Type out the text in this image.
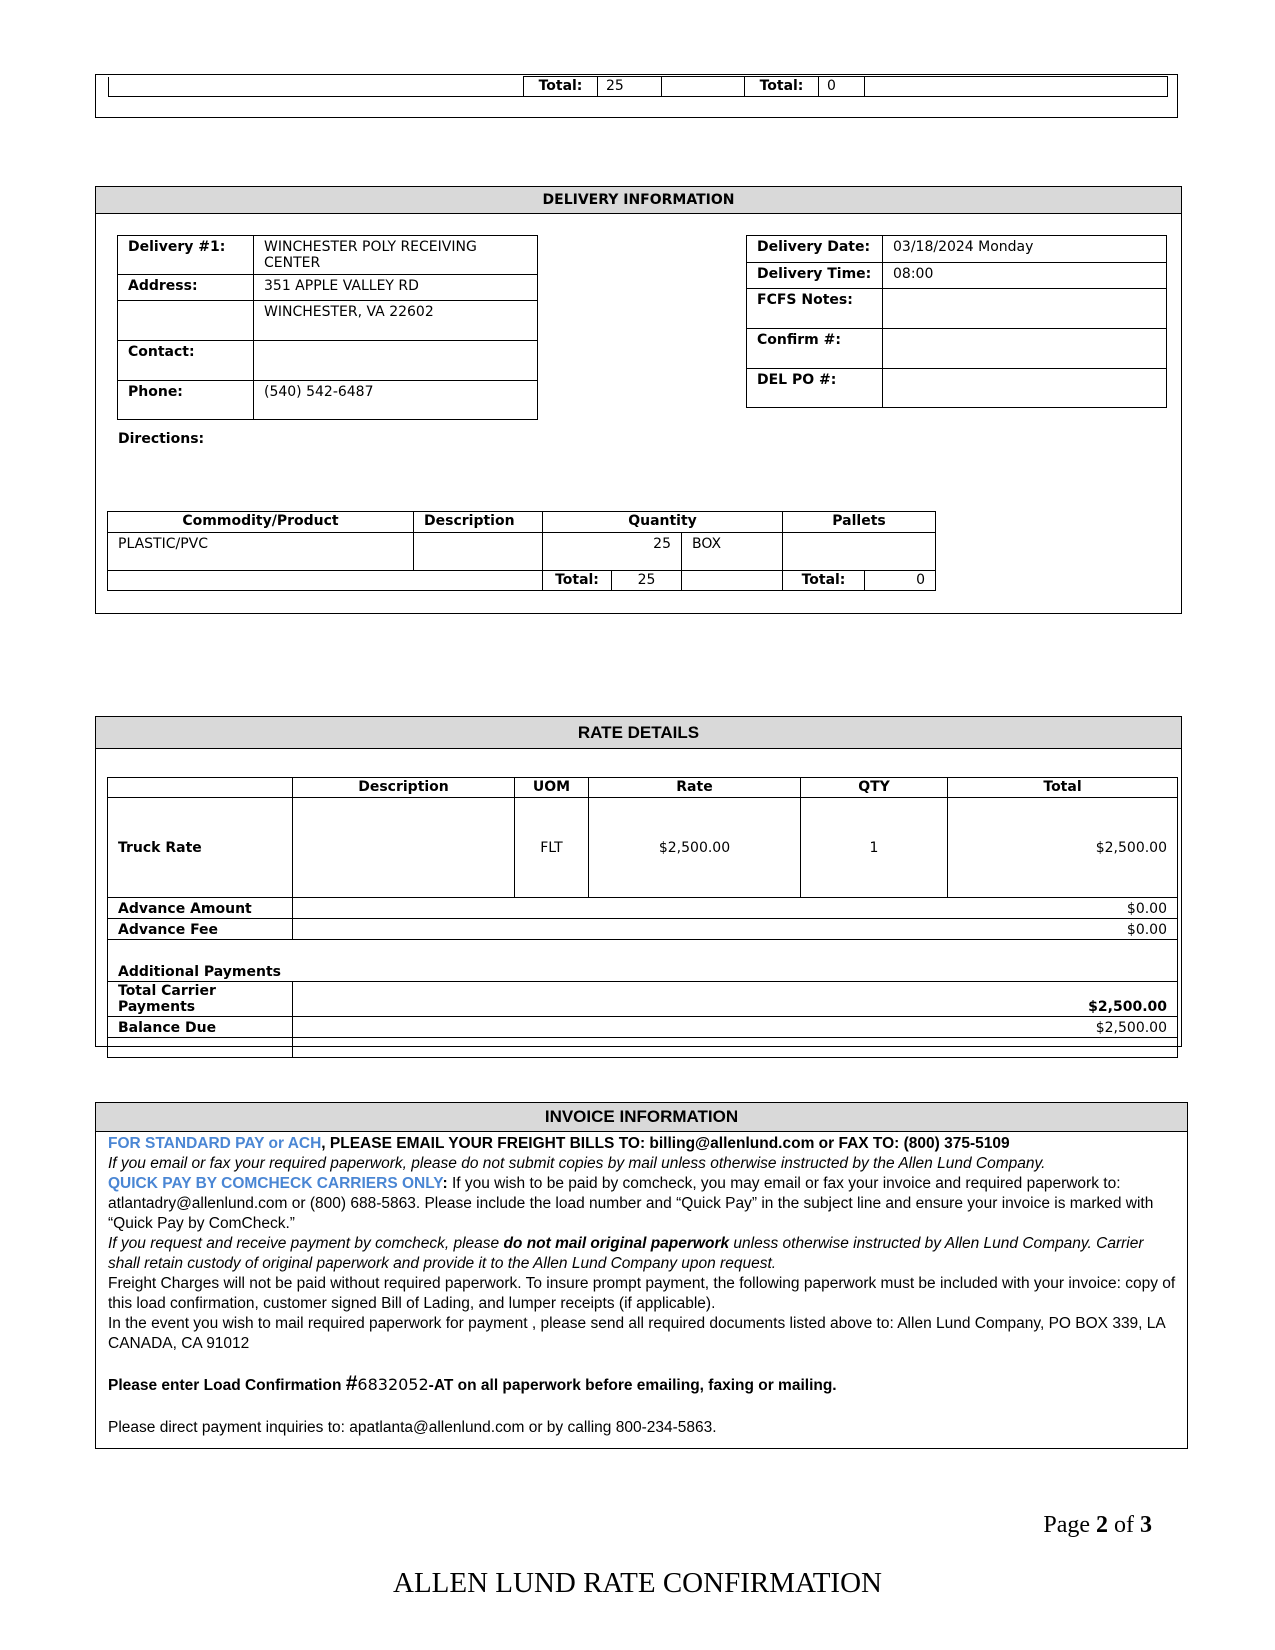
	Total:	25		Total:	0	
DELIVERY INFORMATION
Delivery #1:	WINCHESTER POLY RECEIVING CENTER
Address:	351 APPLE VALLEY RD
	WINCHESTER, VA 22602
Contact:	
Phone:	(540) 542-6487
Delivery Date:	03/18/2024 Monday
Delivery Time:	08:00
FCFS Notes:	
Confirm #:	
DEL PO #:	
Directions:
Commodity/Product	Description	Quantity			Pallets	
PLASTIC/PVC		25		BOX		
		Total:	25		Total:	0
RATE DETAILS
	Description	UOM	Rate	QTY	Total
Truck Rate		FLT	$2,500.00	1	$2,500.00
Advance Amount	$0.00				
Advance Fee	$0.00				
Additional Payments					
Total Carrier Payments	$2,500.00				
Balance Due	$2,500.00				

INVOICE INFORMATION
FOR STANDARD PAY or ACH, PLEASE EMAIL YOUR FREIGHT BILLS TO: billing@allenlund.com or FAX TO: (800) 375-5109
If you email or fax your required paperwork, please do not submit copies by mail unless otherwise instructed by the Allen Lund Company.
QUICK PAY BY COMCHECK CARRIERS ONLY: If you wish to be paid by comcheck, you may email or fax your invoice and required paperwork to: atlantadry@allenlund.com or (800) 688-5863. Please include the load number and “Quick Pay” in the subject line and ensure your invoice is marked with “Quick Pay by ComCheck.”
If you request and receive payment by comcheck, please do not mail original paperwork unless otherwise instructed by Allen Lund Company. Carrier shall retain custody of original paperwork and provide it to the Allen Lund Company upon request.
Freight Charges will not be paid without required paperwork. To insure prompt payment, the following paperwork must be included with your invoice: copy of this load confirmation, customer signed Bill of Lading, and lumper receipts (if applicable).
In the event you wish to mail required paperwork for payment , please send all required documents listed above to: Allen Lund Company, PO BOX 339, LA CANADA, CA 91012
Please enter Load Confirmation #6832052-AT on all paperwork before emailing, faxing or mailing.
Please direct payment inquiries to: apatlanta@allenlund.com or by calling 800-234-5863.
Page 2 of 3
ALLEN LUND RATE CONFIRMATION
